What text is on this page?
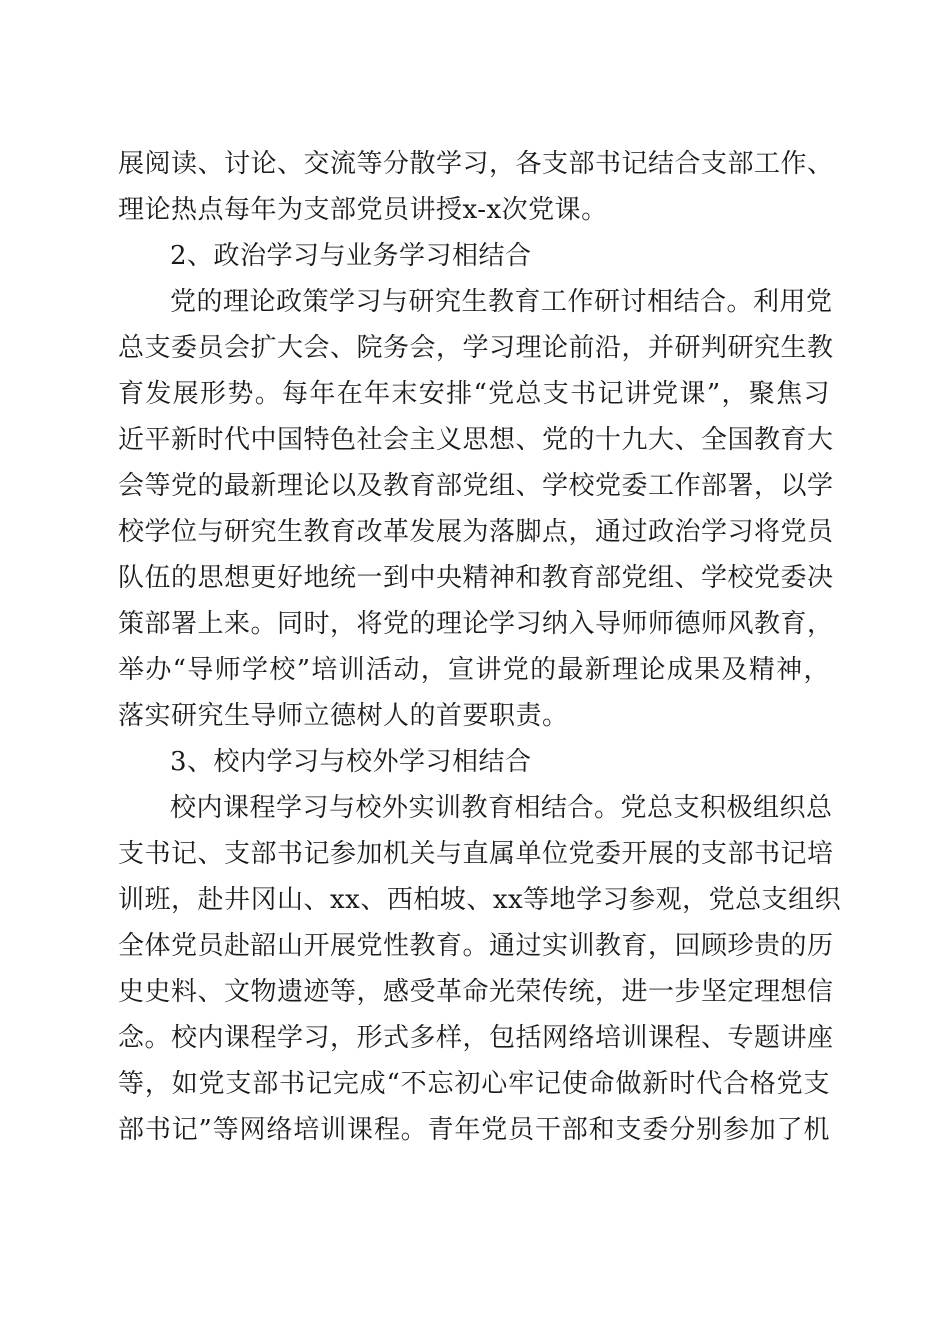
展阅读、讨论、交流等分散学习，各支部书记结合支部工作、
理论热点每年为支部党员讲授x-x次党课。
2、政治学习与业务学习相结合
党的理论政策学习与研究生教育工作研讨相结合。利用党
总支委员会扩大会、院务会，学习理论前沿，并研判研究生教
育发展形势。每年在年末安排“党总支书记讲党课”，聚焦习
近平新时代中国特色社会主义思想、党的十九大、全国教育大
会等党的最新理论以及教育部党组、学校党委工作部署，以学
校学位与研究生教育改革发展为落脚点，通过政治学习将党员
队伍的思想更好地统一到中央精神和教育部党组、学校党委决
策部署上来。同时，将党的理论学习纳入导师师德师风教育，
举办“导师学校”培训活动，宣讲党的最新理论成果及精神，
落实研究生导师立德树人的首要职责。
3、校内学习与校外学习相结合
校内课程学习与校外实训教育相结合。党总支积极组织总
支书记、支部书记参加机关与直属单位党委开展的支部书记培
训班，赴井冈山、xx、西柏坡、xx等地学习参观，党总支组织
全体党员赴韶山开展党性教育。通过实训教育，回顾珍贵的历
史史料、文物遗迹等，感受革命光荣传统，进一步坚定理想信
念。校内课程学习，形式多样，包括网络培训课程、专题讲座
等，如党支部书记完成“不忘初心牢记使命做新时代合格党支
部书记”等网络培训课程。青年党员干部和支委分别参加了机
